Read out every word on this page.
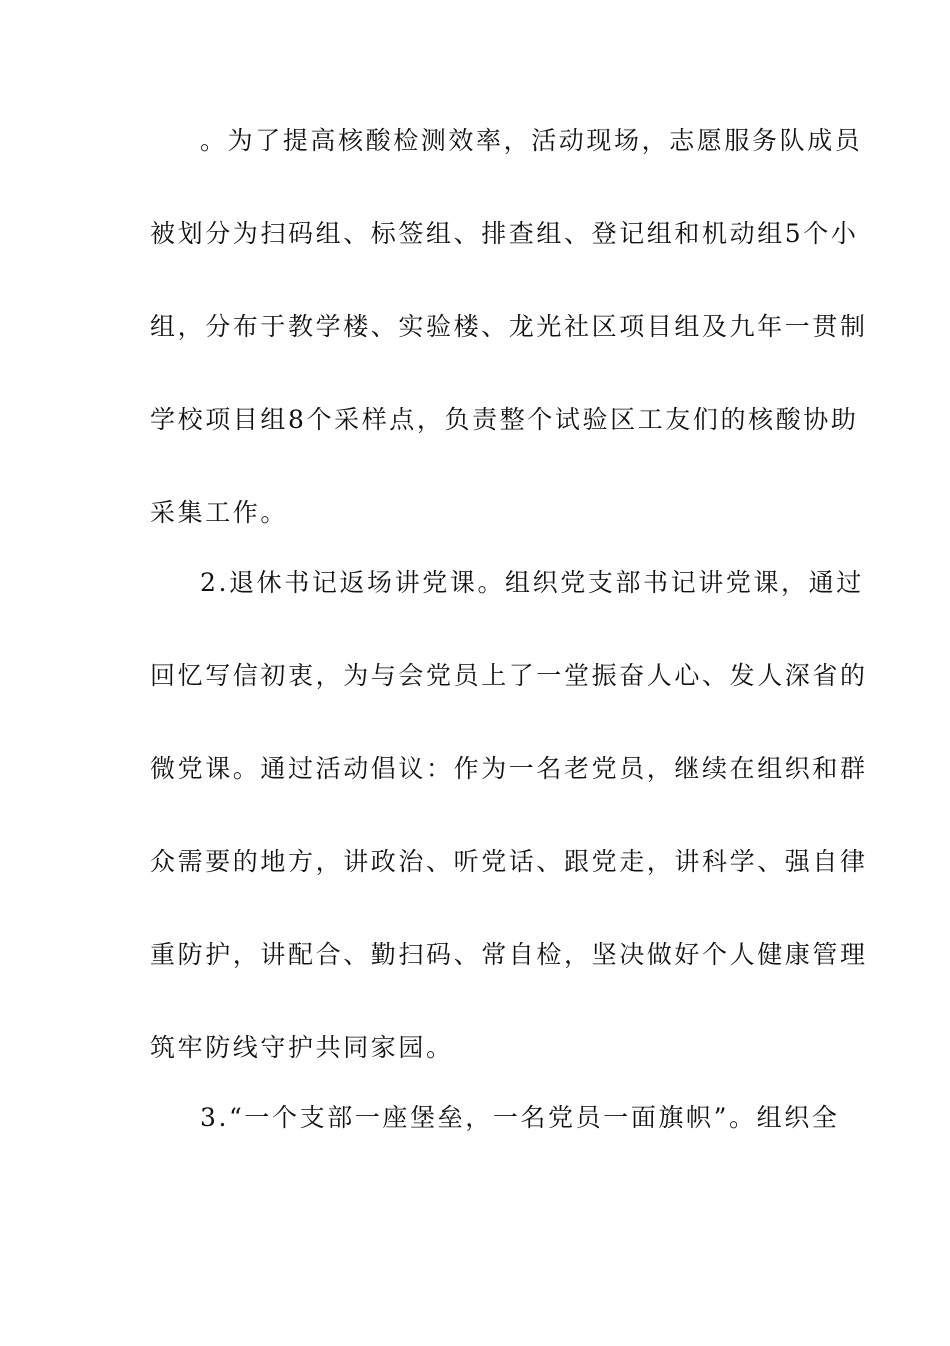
。为了提高核酸检测效率，活动现场，志愿服务队成员
被划分为扫码组、标签组、排查组、登记组和机动组5个小
组，分布于教学楼、实验楼、龙光社区项目组及九年一贯制
学校项目组8个采样点，负责整个试验区工友们的核酸协助
采集工作。
2.退休书记返场讲党课。组织党支部书记讲党课，通过
回忆写信初衷，为与会党员上了一堂振奋人心、发人深省的
微党课。通过活动倡议：作为一名老党员，继续在组织和群
众需要的地方，讲政治、听党话、跟党走，讲科学、强自律
重防护，讲配合、勤扫码、常自检，坚决做好个人健康管理
筑牢防线守护共同家园。
3.“一个支部一座堡垒，一名党员一面旗帜”。组织全
